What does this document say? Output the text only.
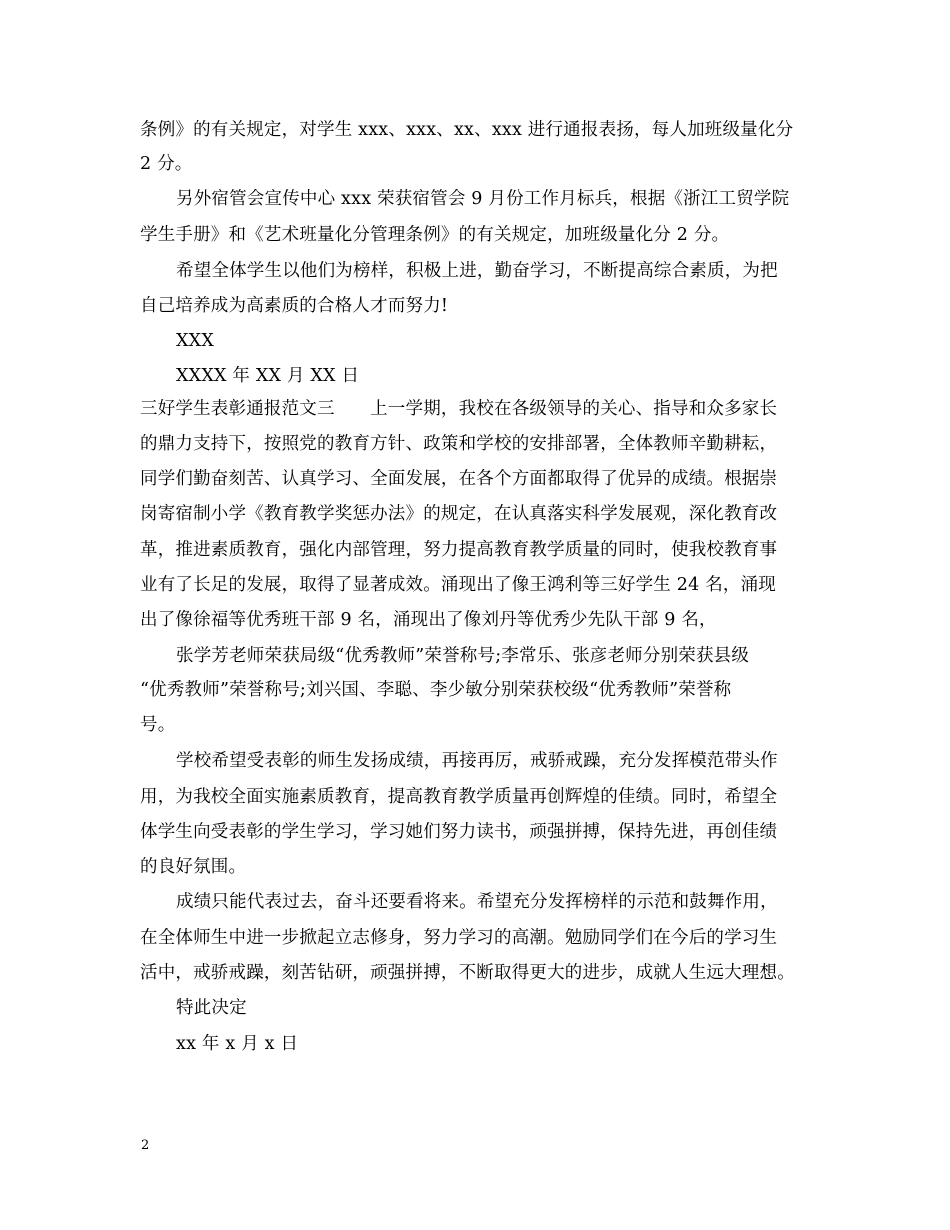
条例》的有关规定，对学生 xxx、xxx、xx、xxx 进行通报表扬，每人加班级量化分
2 分。
另外宿管会宣传中心 xxx 荣获宿管会 9 月份工作月标兵，根据《浙江工贸学院
学生手册》和《艺术班量化分管理条例》的有关规定，加班级量化分 2 分。
希望全体学生以他们为榜样，积极上进，勤奋学习，不断提高综合素质，为把
自己培养成为高素质的合格人才而努力!
XXX
XXXX 年 XX 月 XX 日
三好学生表彰通报范文三　　上一学期，我校在各级领导的关心、指导和众多家长
的鼎力支持下，按照党的教育方针、政策和学校的安排部署，全体教师辛勤耕耘，
同学们勤奋刻苦、认真学习、全面发展，在各个方面都取得了优异的成绩。根据崇
岗寄宿制小学《教育教学奖惩办法》的规定，在认真落实科学发展观，深化教育改
革，推进素质教育，强化内部管理，努力提高教育教学质量的同时，使我校教育事
业有了长足的发展，取得了显著成效。涌现出了像王鸿利等三好学生 24 名，涌现
出了像徐福等优秀班干部 9 名，涌现出了像刘丹等优秀少先队干部 9 名，
张学芳老师荣获局级“优秀教师”荣誉称号;李常乐、张彦老师分别荣获县级
“优秀教师”荣誉称号;刘兴国、李聪、李少敏分别荣获校级“优秀教师”荣誉称
号。
学校希望受表彰的师生发扬成绩，再接再厉，戒骄戒躁，充分发挥模范带头作
用，为我校全面实施素质教育，提高教育教学质量再创辉煌的佳绩。同时，希望全
体学生向受表彰的学生学习，学习她们努力读书，顽强拼搏，保持先进，再创佳绩
的良好氛围。
成绩只能代表过去，奋斗还要看将来。希望充分发挥榜样的示范和鼓舞作用，
在全体师生中进一步掀起立志修身，努力学习的高潮。勉励同学们在今后的学习生
活中，戒骄戒躁，刻苦钻研，顽强拼搏，不断取得更大的进步，成就人生远大理想。
特此决定
xx 年 x 月 x 日
2
